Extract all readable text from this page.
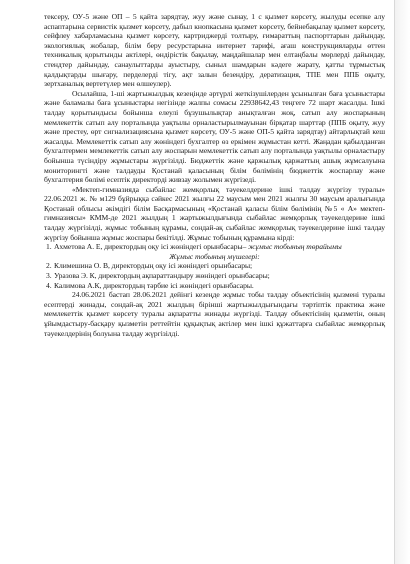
тексеру, ОУ-5 және ОП – 5 қайта зарядтау, жуу және сынау, 1 с қызмет көрсету, жылуды есепке алу аспаптарына сервистік қызмет көрсету, дабыл кнопкасына қызмет көрсету, бейнебақылау қызмет көрсету, сейфлеу хабарламасына қызмет көрсету, картриджерді толтыру, ғимараттың паспорттарын дайындау, экологиялық жобалар, білім беру ресурстарына интернет тарифі, ағаш конструкцияларды өттен техникалық қорытынды актілері, өндірістік бақылау, маңдайшалар мен елтаңбалы мөрлерді дайындау, стендтер дайындау, санаулыттарды ауыстыру, сыныл шамдарын кәдеге жарату, қатты тұрмыстық қалдықтарды шығару, перделерді тігу, ақт залын безендіру, дератизация, ТПЕ мен ППБ оқыту, зертханалық вертетүлер мен өлшеулер).

Осылайша, 1-ші жартыжылдық кезеңінде әртүрлі жеткізушілерден ұсынылған баға ұсыныстары және баламалы баға ұсыныстары негізінде жалпы сомасы 22938642,43 теңгеге 72 шарт жасалды. Ішкі талдау қорытындысы бойынша елеулі бұзушылықтар анықталған жоқ, сатып алу жоспарының мемлекеттік сатып алу порталында уақтылы орналастырылмауынан бірқатар шарттар (ППБ оқыту, жуу және престеу, өрт сигнализациясына қызмет көрсету, ОУ-5 және ОП-5 қайта зарядтау) айтарлықтай кеш жасалды. Мемлекеттік сатып алу жөніндегі бухгалтер өз еркімен жұмыстан кетті. Жаңадан қабылданған бухгалтермен мемлекеттік сатып алу жоспарын мемлекеттік сатып алу порталында уақтылы орналастыру бойынша түсіндіру жұмыстары жүргізілді. Бюджеттік және қаржылық қаржаттың ашық жұмсалуына мониторингті және талдауды Қостанай қаласының білім бөлімінің бюджеттік жоспарлау және бухгалтерия бөлімі есептік директорді живзау жолымен жүргізеді.

«Мектеп-гимназияда сыбайлас жемқорлық тәуекелдерине ішкі талдау жүргізу туралы» 22.06.2021 ж. № м129 бұйрыққа сәйкес 2021 жылғы 22 маусым мен 2021 жылғы 30 маусым аралығында Қостанай облысы әкімдігі білім Басқармасының «Қостанай қаласы білім бөлімінің №5 « А» мектеп-гимназиясы» КММ-де 2021 жылдың 1 жартыжылдығында сыбайлас жемқорлық тәуекелдерине ішкі талдау жүргізілді, жұмыс тобының құрамы, сондай-ақ сыбайлас жемқорлық тәуекелдерине ішкі талдау жүргізу бойынша жұмыс жоспары бекітілді. Жұмыс тобының құрамына кірді:

1. Ахметова А. Е, директордың оқу ісі жөніндегі орынбасары– жұмыс тобының төрайымы

Жұмыс тобының мүшелері:

2. Климешина О. В, директордың оқу ісі жөніндегі орынбасары;
3. Уразова Э. К, директордың ақпараттандыру жөніндегі орынбасары;
4. Калимова А.К, директордың тәрбие ісі жөніндегі орынбасары.

24.06.2021 бастап 28.06.2021 дейінгі кезеңде жұмыс тобы талдау объектісінің қызмені туралы есептерді жинады, сондай-ақ 2021 жылдың бірінші жартыжылдығындағы тәртіптік практика және мемлекеттік қызмет көрсету туралы ақпаратты жинады жүргізді. Талдау объектісінің қызметін, оның ұйымдастыру-басқару қызметін реттейтін құқықтық актілер мен ішкі құжаттарға сыбайлас жемқорлық тәуекелдерінің болуына талдау жүргізілді.
